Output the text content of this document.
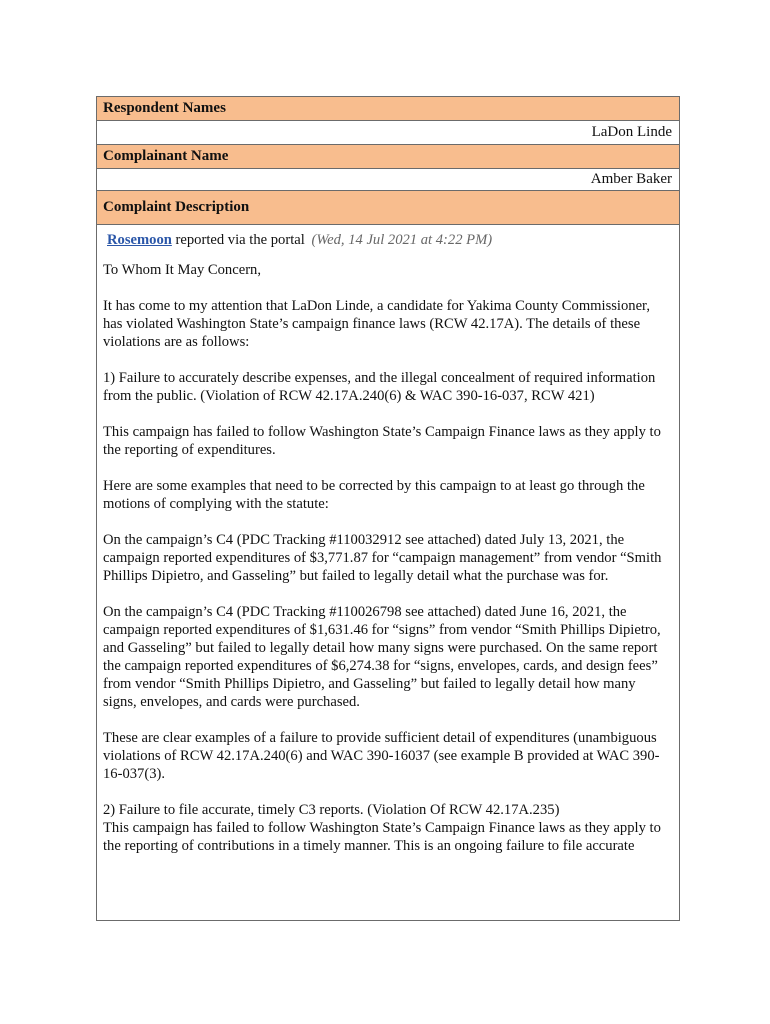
Respondent Names
LaDon Linde
Complainant Name
Amber Baker
Complaint Description
Rosemoon reported via the portal (Wed, 14 Jul 2021 at 4:22 PM)

To Whom It May Concern,

It has come to my attention that LaDon Linde, a candidate for Yakima County Commissioner, has violated Washington State’s campaign finance laws (RCW 42.17A). The details of these violations are as follows:

1) Failure to accurately describe expenses, and the illegal concealment of required information from the public. (Violation of RCW 42.17A.240(6) & WAC 390-16-037, RCW 421)

This campaign has failed to follow Washington State’s Campaign Finance laws as they apply to the reporting of expenditures.

Here are some examples that need to be corrected by this campaign to at least go through the motions of complying with the statute:

On the campaign’s C4 (PDC Tracking #110032912 see attached) dated July 13, 2021, the campaign reported expenditures of $3,771.87 for “campaign management” from vendor “Smith Phillips Dipietro, and Gasseling” but failed to legally detail what the purchase was for.

On the campaign’s C4 (PDC Tracking #110026798 see attached) dated June 16, 2021, the campaign reported expenditures of $1,631.46 for “signs” from vendor “Smith Phillips Dipietro, and Gasseling” but failed to legally detail how many signs were purchased. On the same report the campaign reported expenditures of $6,274.38 for “signs, envelopes, cards, and design fees” from vendor “Smith Phillips Dipietro, and Gasseling” but failed to legally detail how many signs, envelopes, and cards were purchased.

These are clear examples of a failure to provide sufficient detail of expenditures (unambiguous violations of RCW 42.17A.240(6) and WAC 390-16037 (see example B provided at WAC 390-16-037(3).

2) Failure to file accurate, timely C3 reports. (Violation Of RCW 42.17A.235)

This campaign has failed to follow Washington State’s Campaign Finance laws as they apply to the reporting of contributions in a timely manner. This is an ongoing failure to file accurate
